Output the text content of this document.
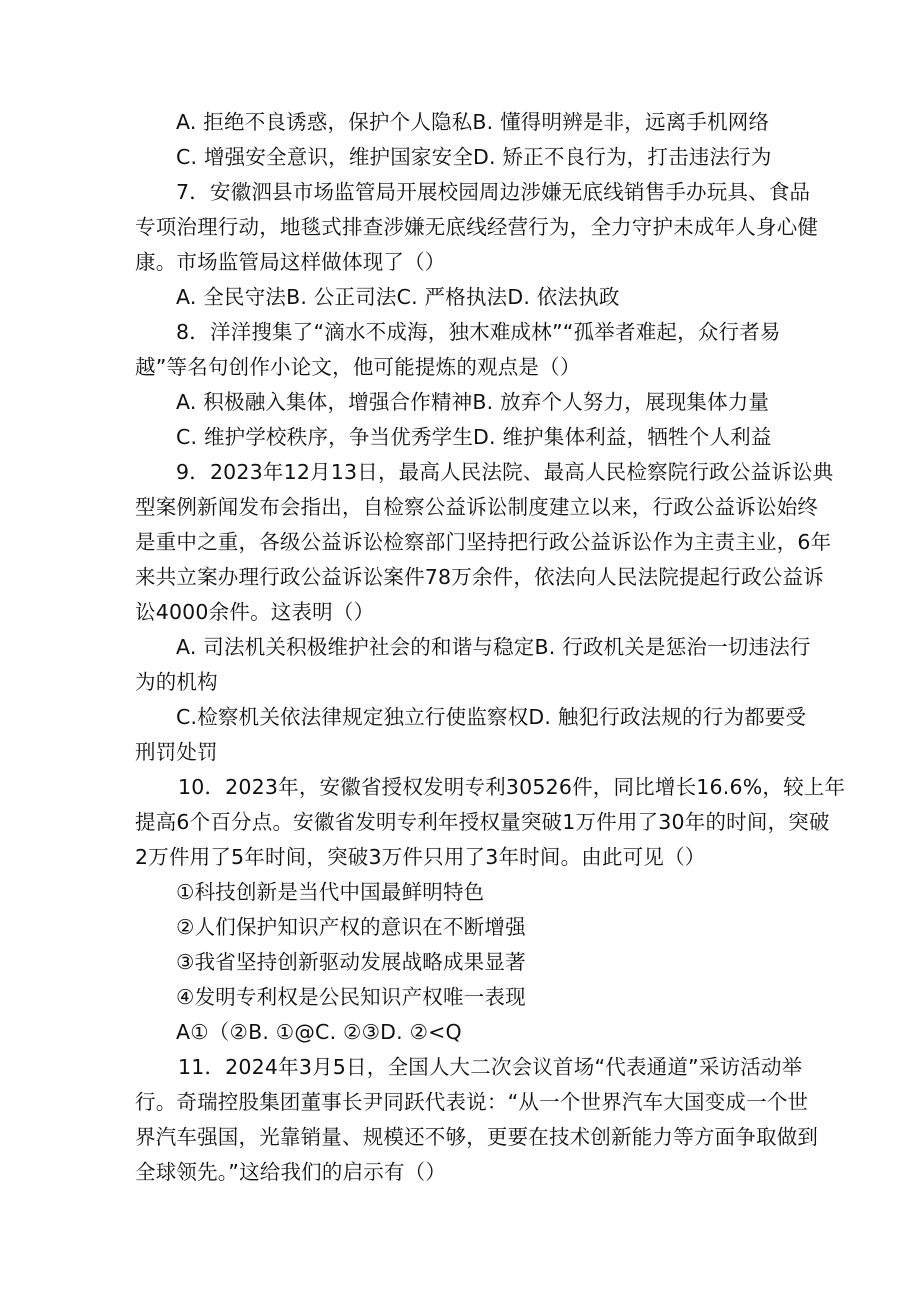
A. 拒绝不良诱惑，保护个人隐私B. 懂得明辨是非，远离手机网络
C. 增强安全意识，维护国家安全D. 矫正不良行为，打击违法行为
7．安徽泗县市场监管局开展校园周边涉嫌无底线销售手办玩具、食品
专项治理行动，地毯式排查涉嫌无底线经营行为，全力守护未成年人身心健
康。市场监管局这样做体现了（）
A. 全民守法B. 公正司法C. 严格执法D. 依法执政
8．洋洋搜集了“滴水不成海，独木难成林”“孤举者难起，众行者易
越”等名句创作小论文，他可能提炼的观点是（）
A. 积极融入集体，增强合作精神B. 放弃个人努力，展现集体力量
C. 维护学校秩序，争当优秀学生D. 维护集体利益，牺牲个人利益
9．2023年12月13日，最高人民法院、最高人民检察院行政公益诉讼典
型案例新闻发布会指出，自检察公益诉讼制度建立以来，行政公益诉讼始终
是重中之重，各级公益诉讼检察部门坚持把行政公益诉讼作为主责主业，6年
来共立案办理行政公益诉讼案件78万余件，依法向人民法院提起行政公益诉
讼4000余件。这表明（）
A. 司法机关积极维护社会的和谐与稳定B. 行政机关是惩治一切违法行
为的机构
C.检察机关依法律规定独立行使监察权D. 触犯行政法规的行为都要受
刑罚处罚
10．2023年，安徽省授权发明专利30526件，同比增长16.6%，较上年
提高6个百分点。安徽省发明专利年授权量突破1万件用了30年的时间，突破
2万件用了5年时间，突破3万件只用了3年时间。由此可见（）
①科技创新是当代中国最鲜明特色
②人们保护知识产权的意识在不断增强
③我省坚持创新驱动发展战略成果显著
④发明专利权是公民知识产权唯一表现
A①（②B. ①@C. ②③D. ②<Q
11．2024年3月5日，全国人大二次会议首场“代表通道”采访活动举
行。奇瑞控股集团董事长尹同跃代表说：“从一个世界汽车大国变成一个世
界汽车强国，光靠销量、规模还不够，更要在技术创新能力等方面争取做到
全球领先。”这给我们的启示有（）
